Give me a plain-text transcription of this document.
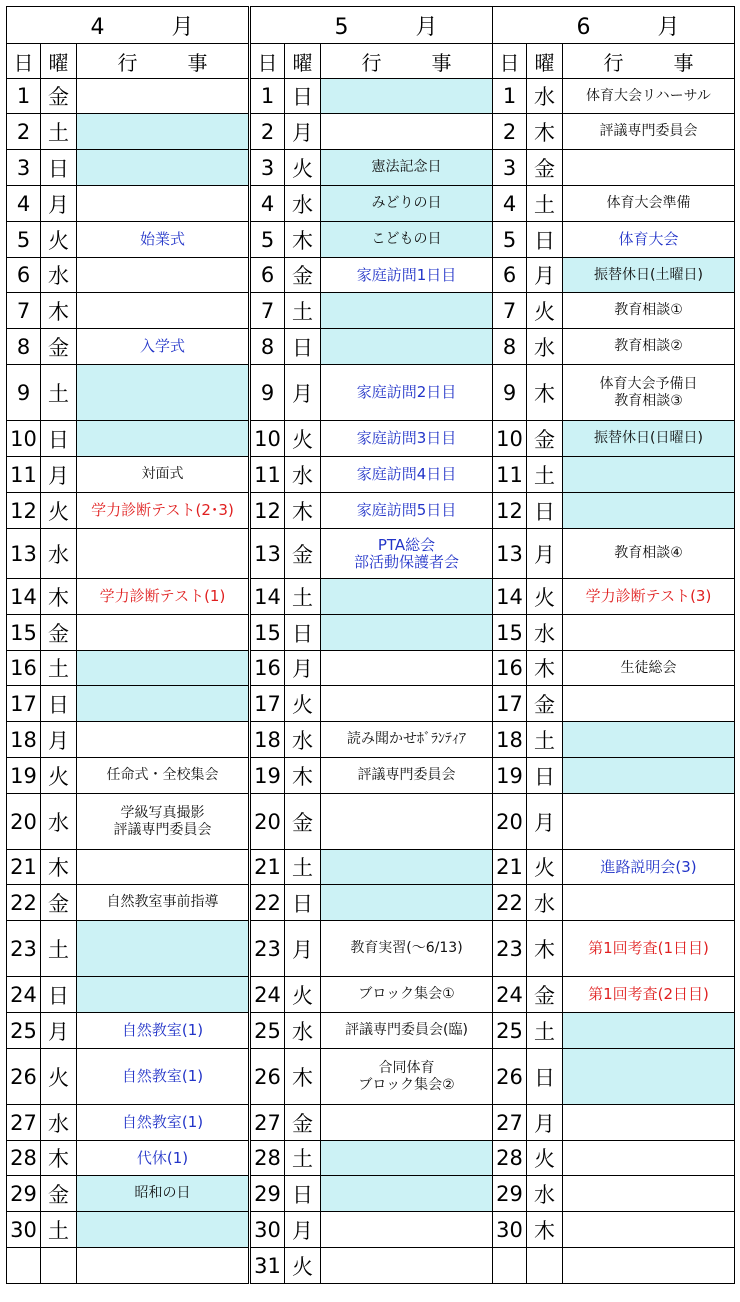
4 月		
日	曜	行 事
1	金	
2	土	
3	日	
4	月	
5	火	始業式
6	水	
7	木	
8	金	入学式
9	土	
10	日	
11	月	対面式
12	火	学力診断テスト(2･3)
13	水	
14	木	学力診断テスト(1)
15	金	
16	土	
17	日	
18	月	
19	火	任命式・全校集会
20	水	学級写真撮影
評議専門委員会
21	木	
22	金	自然教室事前指導
23	土	
24	日	
25	月	自然教室(1)
26	火	自然教室(1)
27	水	自然教室(1)
28	木	代休(1)
29	金	昭和の日
30	土	

5 月		
日	曜	行 事
1	日	
2	月	
3	火	憲法記念日
4	水	みどりの日
5	木	こどもの日
6	金	家庭訪問1日目
7	土	
8	日	
9	月	家庭訪問2日目
10	火	家庭訪問3日目
11	水	家庭訪問4日目
12	木	家庭訪問5日目
13	金	PTA総会
部活動保護者会
14	土	
15	日	
16	月	
17	火	
18	水	読み聞かせﾎﾞﾗﾝﾃｨｱ
19	木	評議専門委員会
20	金	
21	土	
22	日	
23	月	教育実習(～6/13)
24	火	ブロック集会①
25	水	評議専門委員会(臨)
26	木	合同体育
ブロック集会②
27	金	
28	土	
29	日	
30	月	
31	火	
6 月		
日	曜	行 事
1	水	体育大会リハーサル
2	木	評議専門委員会
3	金	
4	土	体育大会準備
5	日	体育大会
6	月	振替休日(土曜日)
7	火	教育相談①
8	水	教育相談②
9	木	体育大会予備日
教育相談③
10	金	振替休日(日曜日)
11	土	
12	日	
13	月	教育相談④
14	火	学力診断テスト(3)
15	水	
16	木	生徒総会
17	金	
18	土	
19	日	
20	月	
21	火	進路説明会(3)
22	水	
23	木	第1回考査(1日目)
24	金	第1回考査(2日目)
25	土	
26	日	
27	月	
28	火	
29	水	
30	木	
